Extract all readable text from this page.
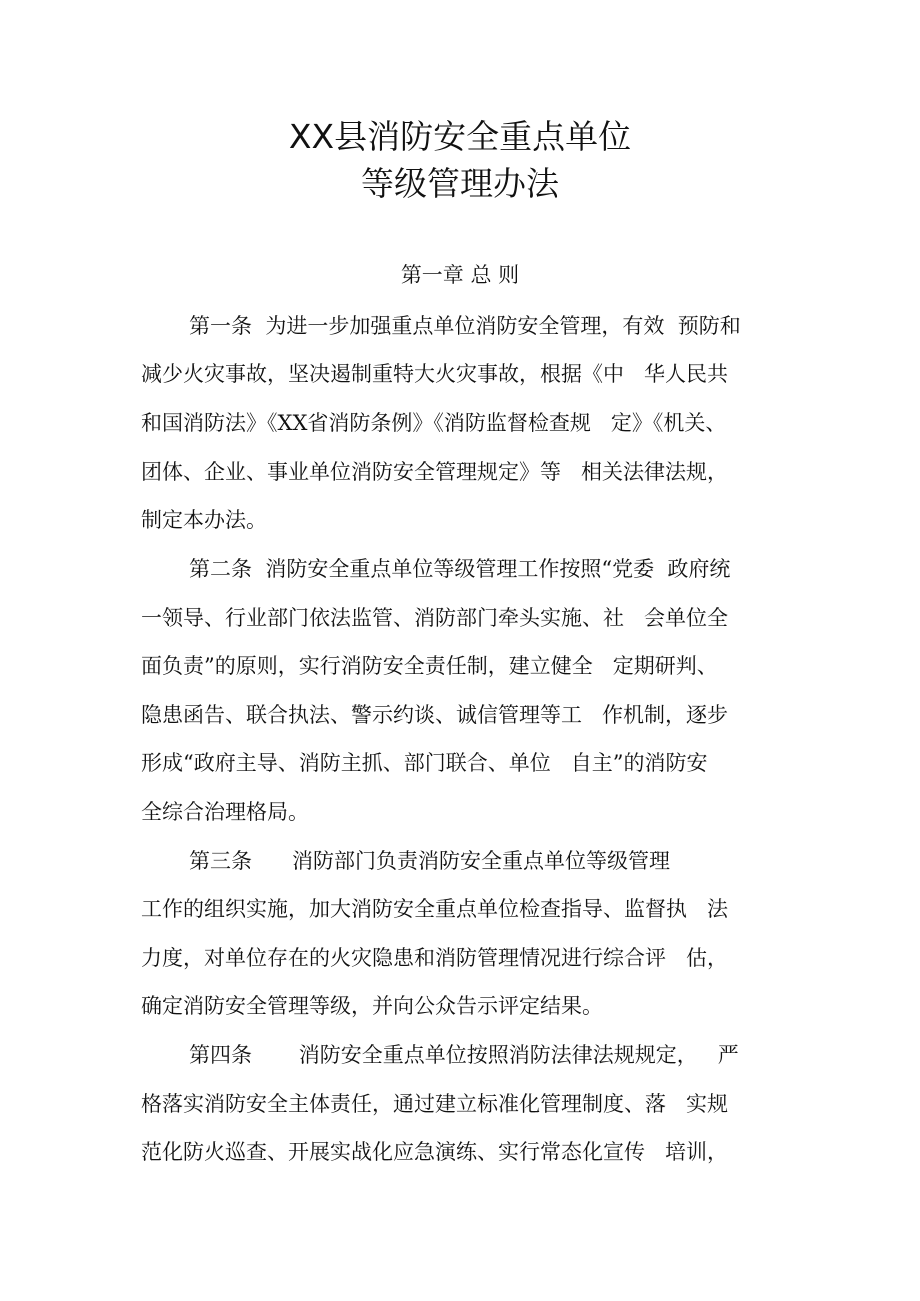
XX县消防安全重点单位
等级管理办法
第一章 总 则
第一条  为进一步加强重点单位消防安全管理，有效  预防和
减少火灾事故，坚决遏制重特大火灾事故，根据《中   华人民共
和国消防法》《XX省消防条例》《消防监督检查规   定》《机关、
团体、企业、事业单位消防安全管理规定》等   相关法律法规，
制定本办法。
第二条  消防安全重点单位等级管理工作按照“党委  政府统
一领导、行业部门依法监管、消防部门牵头实施、社   会单位全
面负责”的原则，实行消防安全责任制，建立健全   定期研判、
隐患函告、联合执法、警示约谈、诚信管理等工   作机制，逐步
形成“政府主导、消防主抓、部门联合、单位   自主”的消防安
全综合治理格局。
第三条      消防部门负责消防安全重点单位等级管理
工作的组织实施，加大消防安全重点单位检查指导、监督执   法
力度，对单位存在的火灾隐患和消防管理情况进行综合评   估，
确定消防安全管理等级，并向公众告示评定结果。
第四条       消防安全重点单位按照消防法律法规规定，   严
格落实消防安全主体责任，通过建立标准化管理制度、落   实规
范化防火巡查、开展实战化应急演练、实行常态化宣传   培训，
